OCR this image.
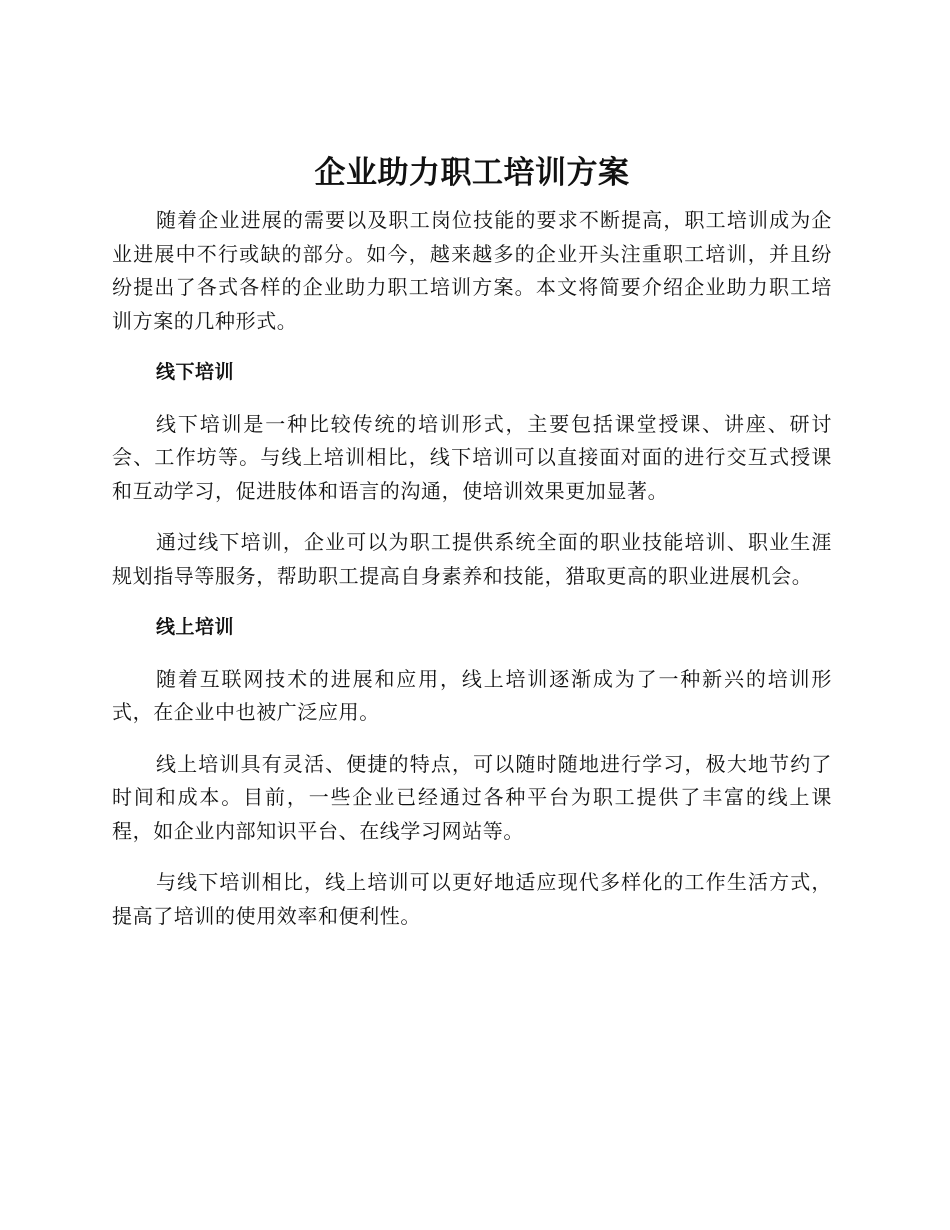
企业助力职工培训方案

随着企业进展的需要以及职工岗位技能的要求不断提高，职工培训成为企业进展中不行或缺的部分。如今，越来越多的企业开头注重职工培训，并且纷纷提出了各式各样的企业助力职工培训方案。本文将简要介绍企业助力职工培训方案的几种形式。

线下培训

线下培训是一种比较传统的培训形式，主要包括课堂授课、讲座、研讨会、工作坊等。与线上培训相比，线下培训可以直接面对面的进行交互式授课和互动学习，促进肢体和语言的沟通，使培训效果更加显著。

通过线下培训，企业可以为职工提供系统全面的职业技能培训、职业生涯规划指导等服务，帮助职工提高自身素养和技能，猎取更高的职业进展机会。

线上培训

随着互联网技术的进展和应用，线上培训逐渐成为了一种新兴的培训形式，在企业中也被广泛应用。

线上培训具有灵活、便捷的特点，可以随时随地进行学习，极大地节约了时间和成本。目前，一些企业已经通过各种平台为职工提供了丰富的线上课程，如企业内部知识平台、在线学习网站等。

与线下培训相比，线上培训可以更好地适应现代多样化的工作生活方式，提高了培训的使用效率和便利性。
